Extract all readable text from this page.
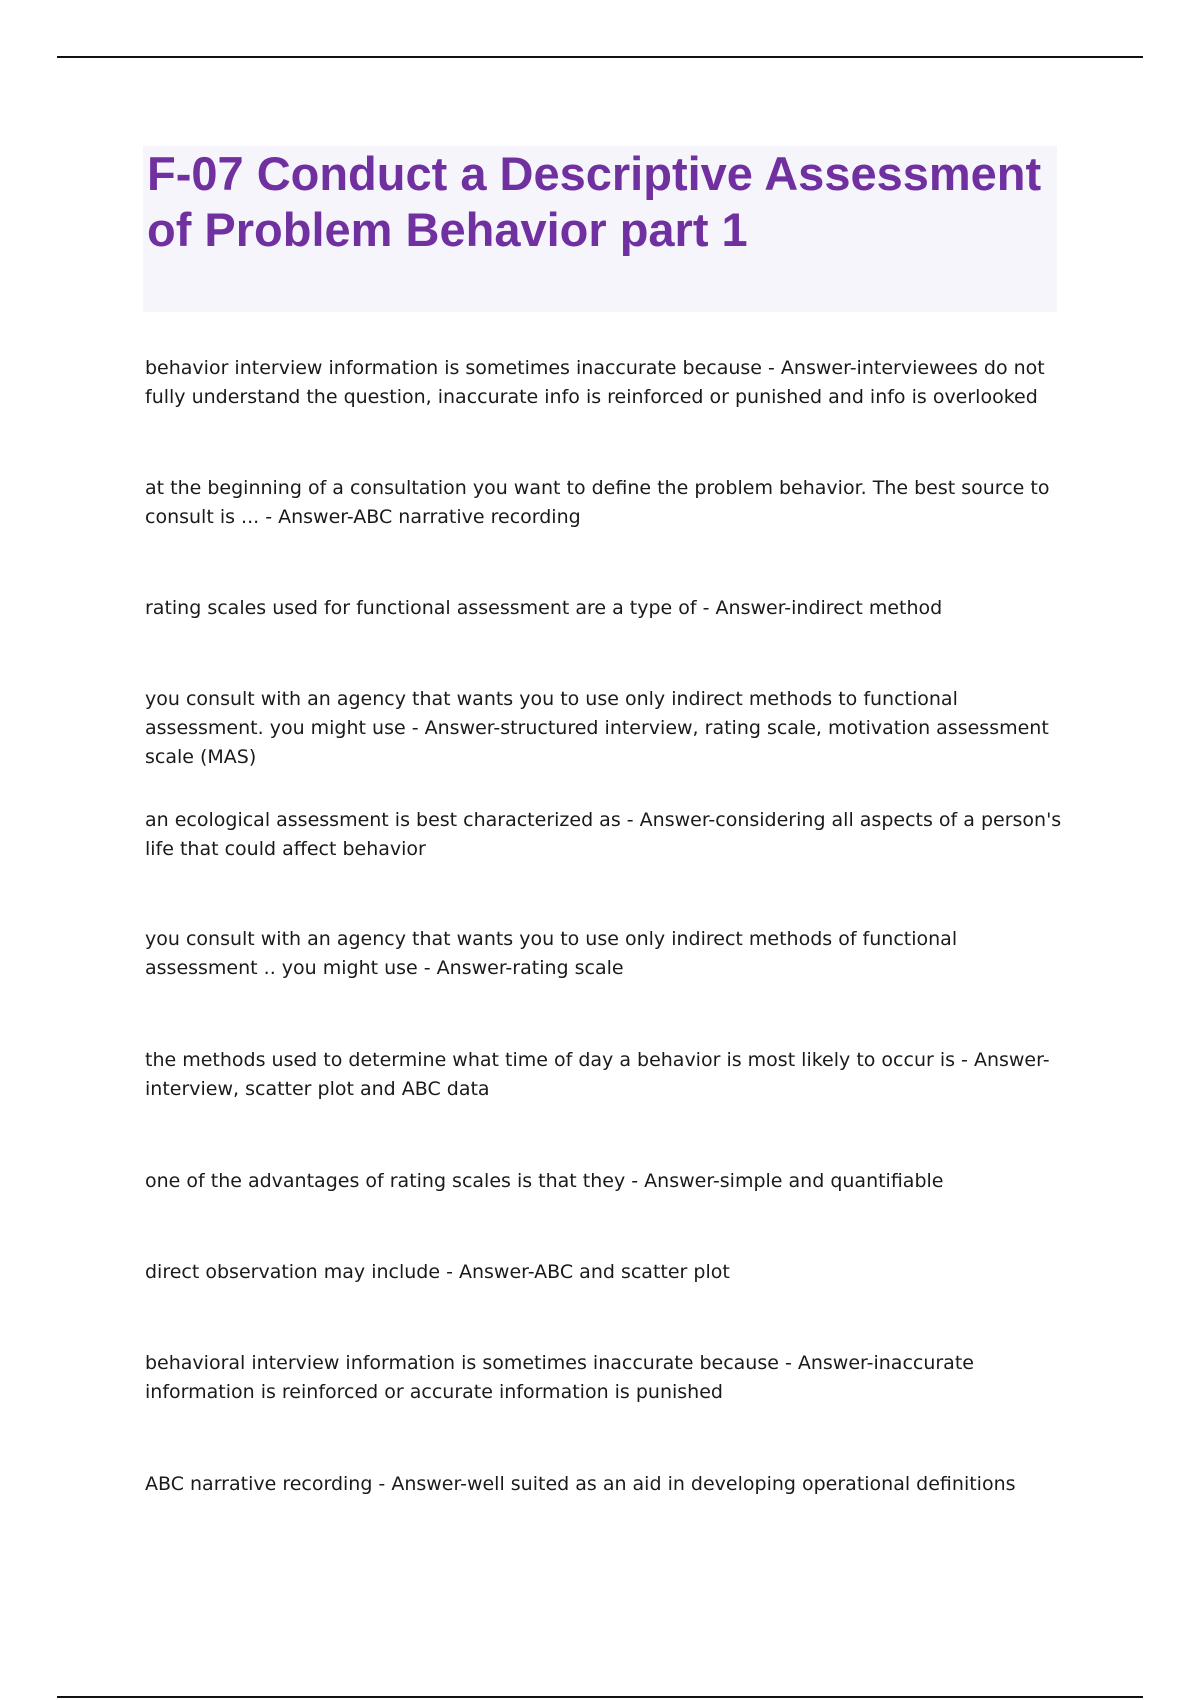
F-07 Conduct a Descriptive Assessment of Problem Behavior part 1
behavior interview information is sometimes inaccurate because - Answer-interviewees do not fully understand the question, inaccurate info is reinforced or punished and info is overlooked
at the beginning of a consultation you want to define the problem behavior. The best source to consult is ... - Answer-ABC narrative recording
rating scales used for functional assessment are a type of - Answer-indirect method
you consult with an agency that wants you to use only indirect methods to functional assessment. you might use - Answer-structured interview, rating scale, motivation assessment scale (MAS)
an ecological assessment is best characterized as - Answer-considering all aspects of a person's life that could affect behavior
you consult with an agency that wants you to use only indirect methods of functional assessment .. you might use - Answer-rating scale
the methods used to determine what time of day a behavior is most likely to occur is - Answer-interview, scatter plot and ABC data
one of the advantages of rating scales is that they - Answer-simple and quantifiable
direct observation may include - Answer-ABC and scatter plot
behavioral interview information is sometimes inaccurate because - Answer-inaccurate information is reinforced or accurate information is punished
ABC narrative recording - Answer-well suited as an aid in developing operational definitions
